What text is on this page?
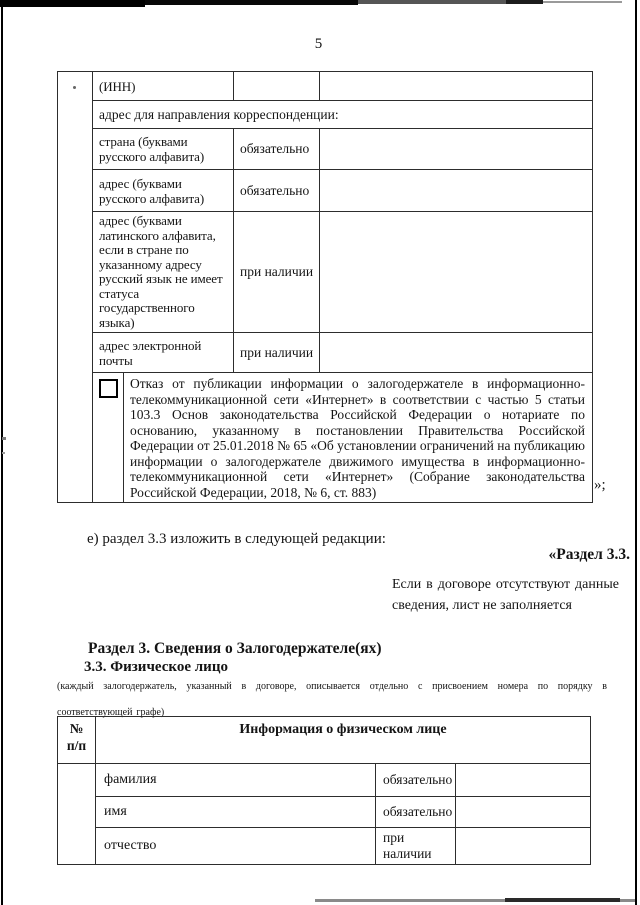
5
	(ИНН)		
	адрес для направления корреспонденции:		
	страна (буквами русского алфавита)	обязательно	
	адрес (буквами русского алфавита)	обязательно	
	адрес (буквами латинского алфавита, если в стране по указанному адресу русский язык не имеет статуса государственного языка)	при наличии	
	адрес электронной почты	при наличии	

	Отказ от публикации информации о залогодержателе в информационно-телекоммуникационной сети «Интернет» в соответствии с частью 5 статьи 103.3 Основ законодательства Российской Федерации о нотариате по основанию, указанному в постановлении Правительства Российской Федерации от 25.01.2018 № 65 «Об установлении ограничений на публикацию информации о залогодержателе движимого имущества в информационно-телекоммуникационной сети «Интернет» (Собрание законодательства Российской Федерации, 2018, № 6, ст. 883)			»;
е) раздел 3.3 изложить в следующей редакции:
«Раздел 3.3.
Если в договоре отсутствуют данные сведения, лист не заполняется
Раздел 3. Сведения о Залогодержателе(ях)
3.3. Физическое лицо
(каждый залогодержатель, указанный в договоре, описывается отдельно с присвоением номера по порядку в соответствующей графе)
№
п/п	Информация о физическом лице		
	фамилия	обязательно	
	имя	обязательно	
	отчество	при наличии	
